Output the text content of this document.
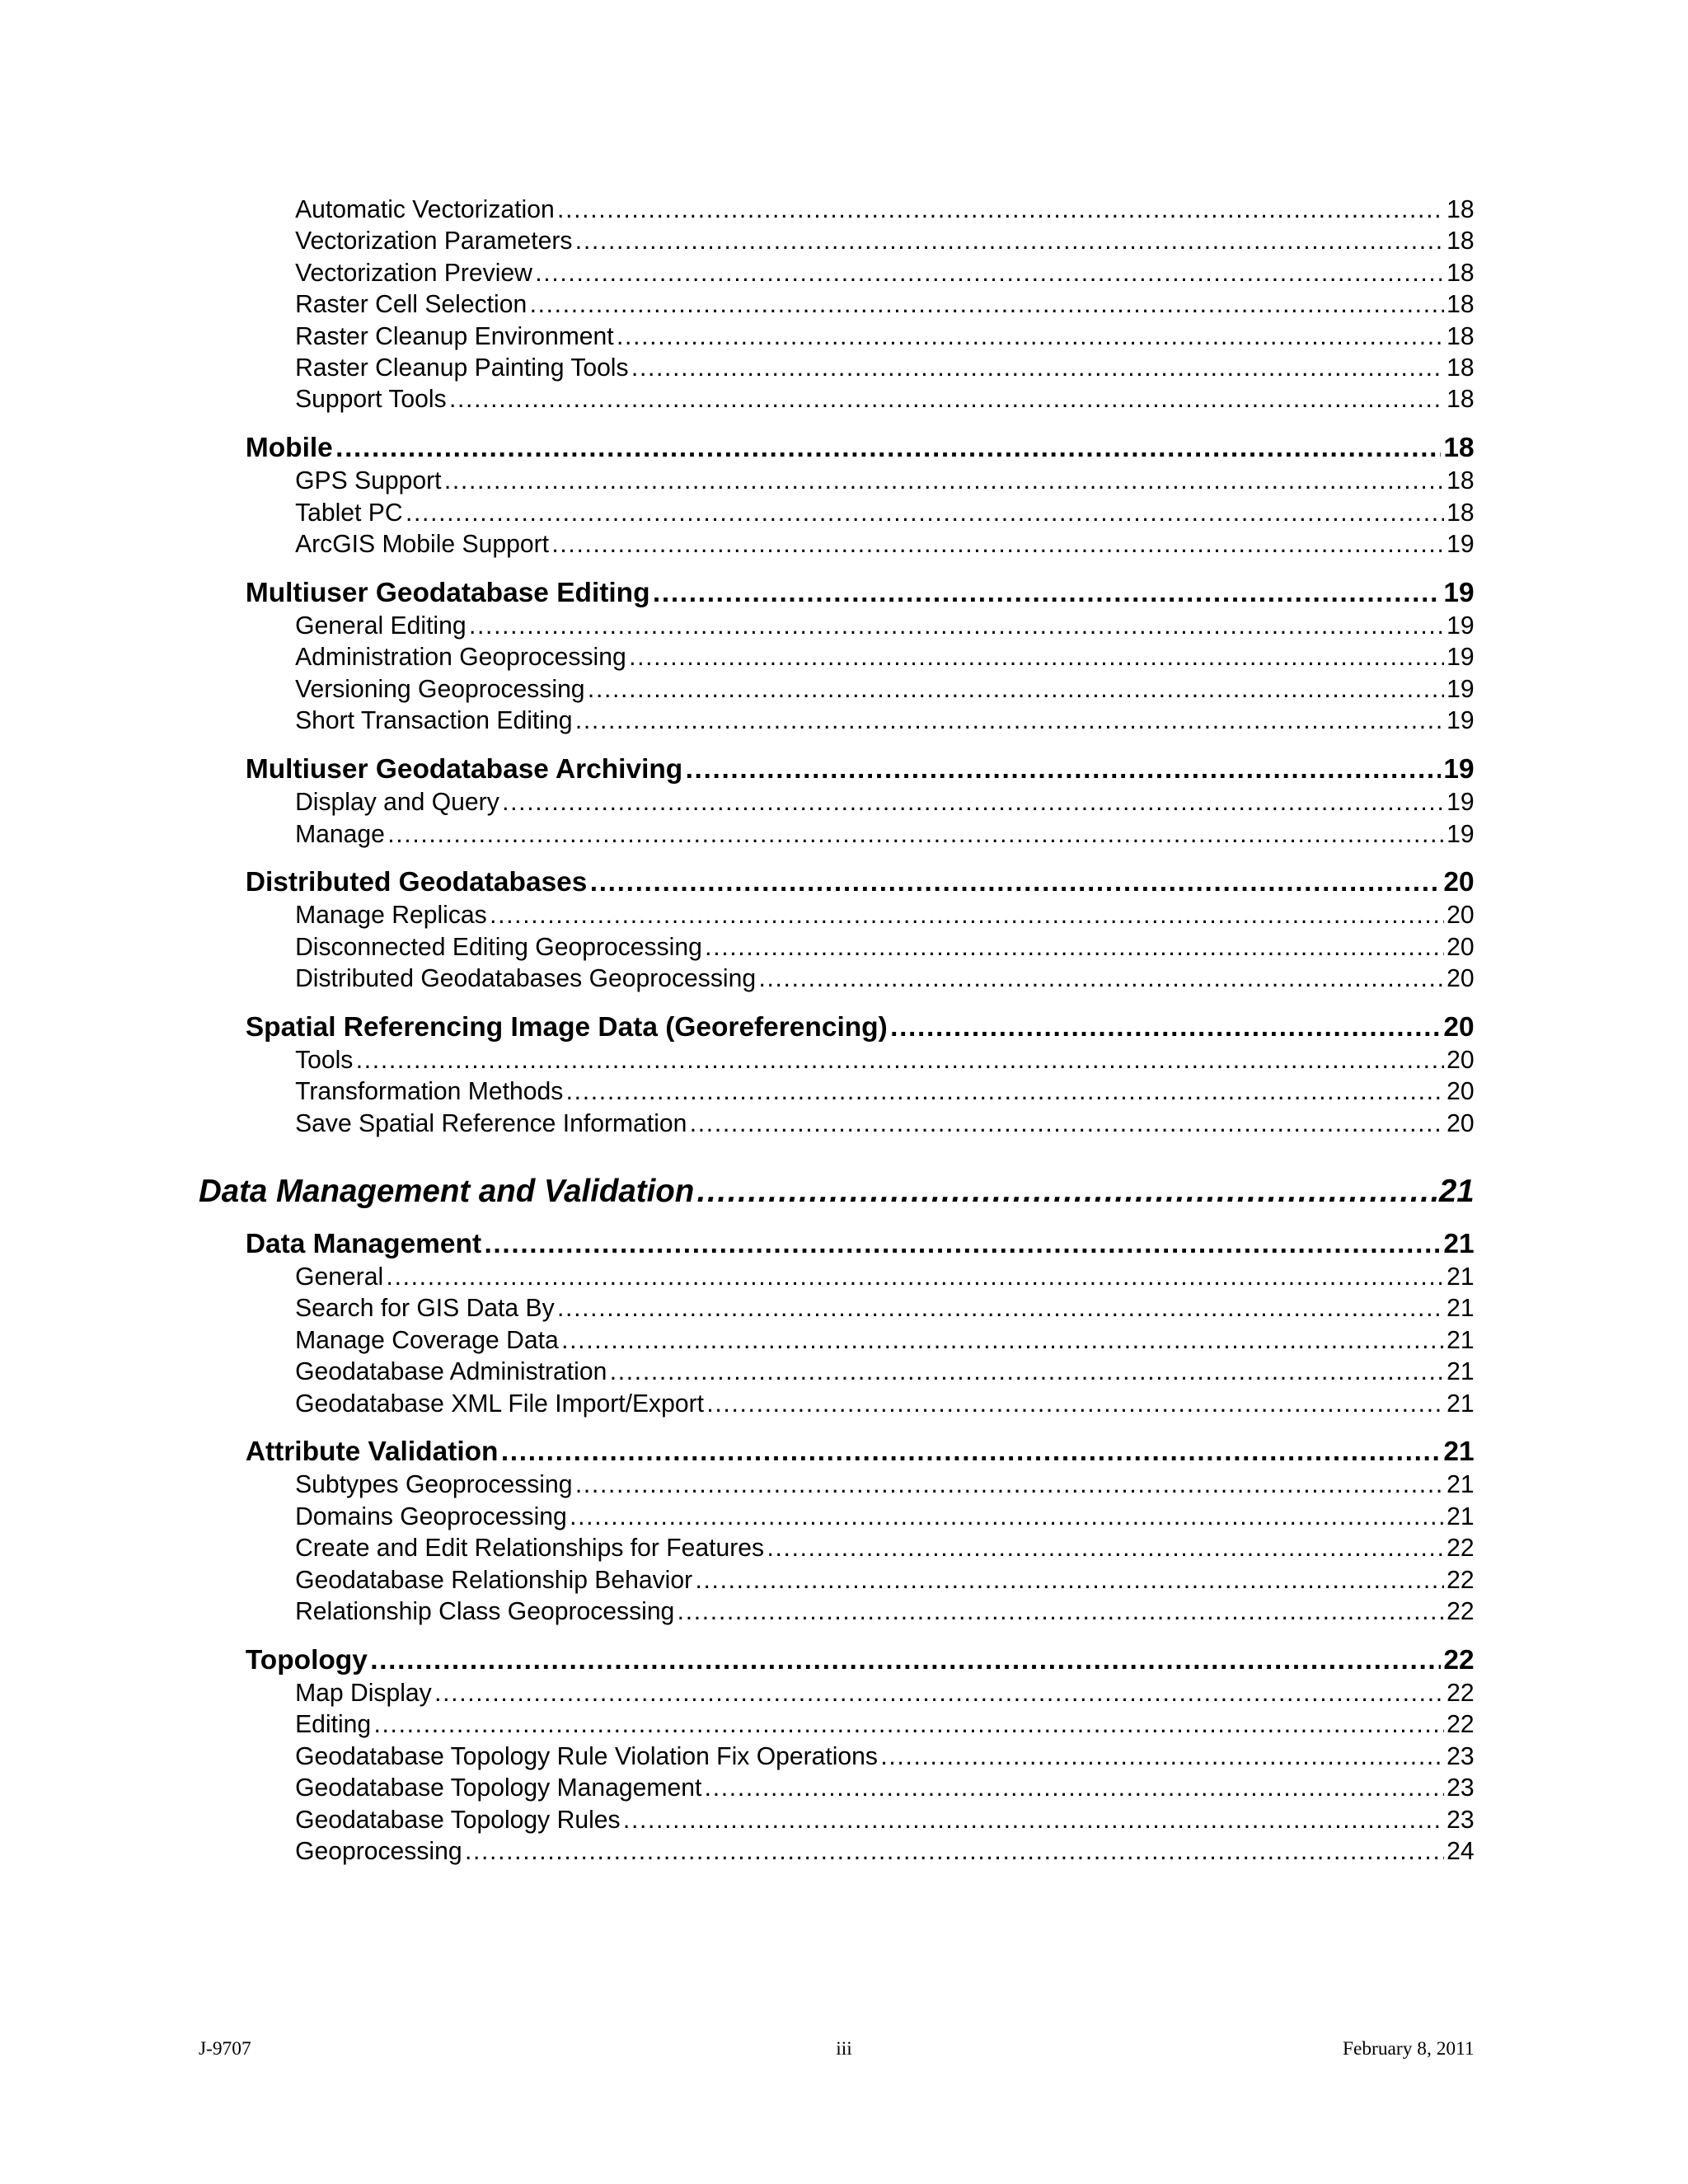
Automatic Vectorization .....	18
Vectorization Parameters .....	18
Vectorization Preview .....	18
Raster Cell Selection .....	18
Raster Cleanup Environment .....	18
Raster Cleanup Painting Tools .....	18
Support Tools .....	18
Mobile .....	18
GPS Support .....	18
Tablet PC .....	18
ArcGIS Mobile Support .....	19
Multiuser Geodatabase Editing .....	19
General Editing .....	19
Administration Geoprocessing .....	19
Versioning Geoprocessing .....	19
Short Transaction Editing .....	19
Multiuser Geodatabase Archiving .....	19
Display and Query .....	19
Manage .....	19
Distributed Geodatabases .....	20
Manage Replicas .....	20
Disconnected Editing Geoprocessing .....	20
Distributed Geodatabases Geoprocessing .....	20
Spatial Referencing Image Data (Georeferencing) .....	20
Tools .....	20
Transformation Methods .....	20
Save Spatial Reference Information .....	20
Data Management and Validation .....	21
Data Management .....	21
General .....	21
Search for GIS Data By .....	21
Manage Coverage Data .....	21
Geodatabase Administration .....	21
Geodatabase XML File Import/Export .....	21
Attribute Validation .....	21
Subtypes Geoprocessing .....	21
Domains Geoprocessing .....	21
Create and Edit Relationships for Features .....	22
Geodatabase Relationship Behavior .....	22
Relationship Class Geoprocessing .....	22
Topology .....	22
Map Display .....	22
Editing .....	22
Geodatabase Topology Rule Violation Fix Operations .....	23
Geodatabase Topology Management .....	23
Geodatabase Topology Rules .....	23
Geoprocessing .....	24
J-9707	iii	February 8, 2011
